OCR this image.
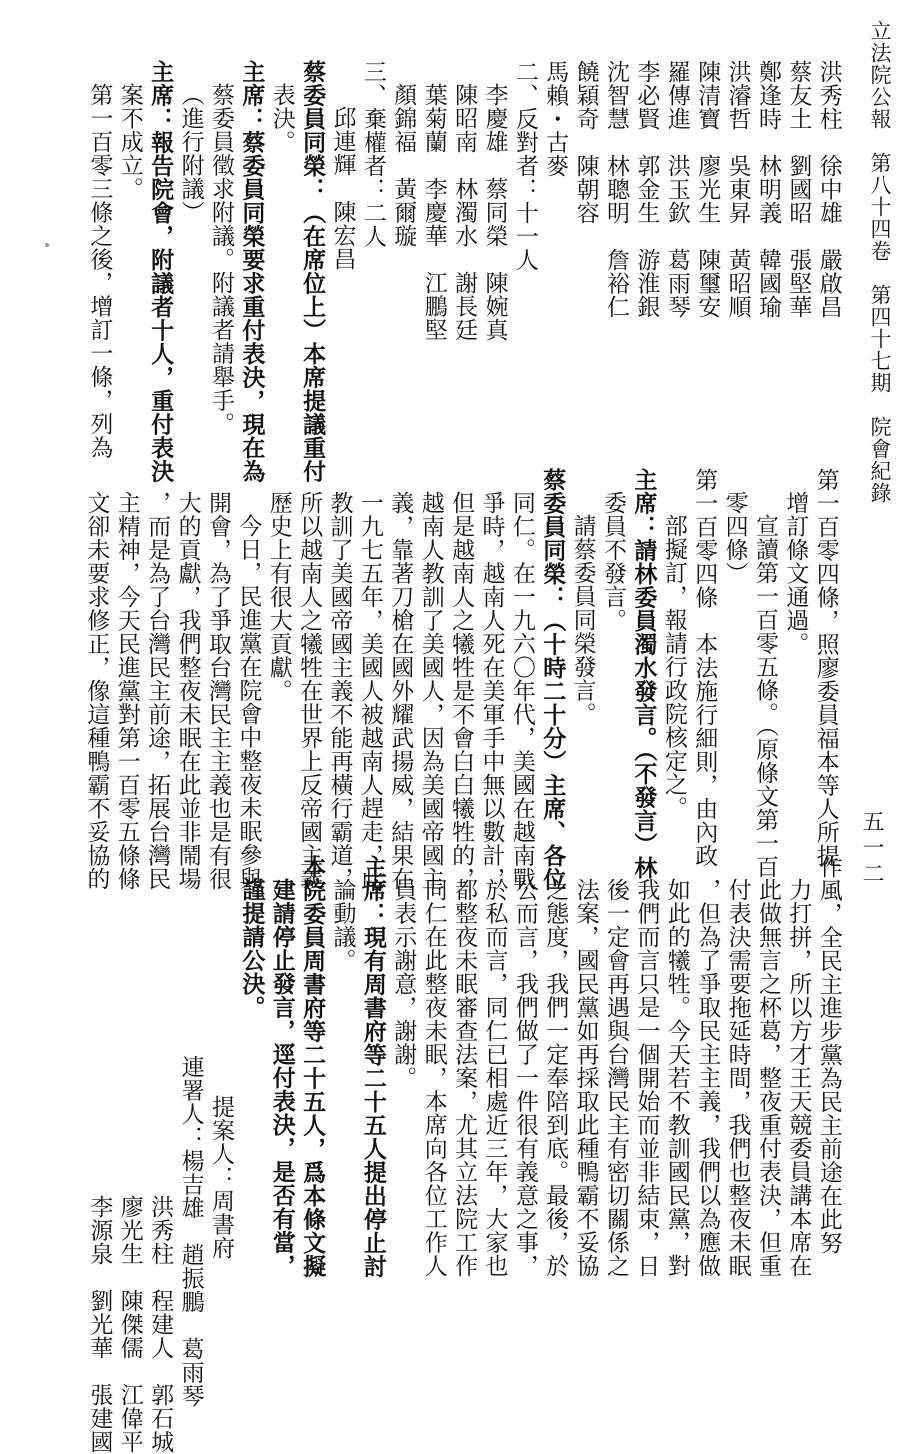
立法院公報　第八十四卷　第四十七期　院會紀錄
五一二

洪秀柱　徐中雄　嚴啟昌
蔡友土　劉國昭　張堅華
鄭逢時　林明義　韓國瑜
洪濬哲　吳東昇　黃昭順
陳清寶　廖光生　陳璽安
羅傳進　洪玉欽　葛雨琴
李必賢　郭金生　游淮銀
沈智慧　林聰明　詹裕仁
饒穎奇　陳朝容
馬賴・古麥
二、反對者：十一人
李慶雄　蔡同榮　陳婉真
陳昭南　林濁水　謝長廷
葉菊蘭　李慶華　江鵬堅
顏錦福　黃爾璇
三、棄權者：二人
邱連輝　陳宏昌
蔡委員同榮：（在席位上）本席提議重付
表決。
主席：蔡委員同榮要求重付表決，現在為
蔡委員徵求附議。附議者請舉手。
（進行附議）
主席：報告院會，附議者十人，重付表決
案不成立。
第一百零三條之後，增訂一條，列為

第一百零四條，照廖委員福本等人所提
增訂條文通過。
宣讀第一百零五條。（原條文第一百
零四條）
第一百零四條　本法施行細則，由內政
部擬訂，報請行政院核定之。
主席：請林委員濁水發言。（不發言）林
委員不發言。
請蔡委員同榮發言。
蔡委員同榮：（十時二十分）主席、各位
同仁。在一九六〇年代，美國在越南戰
爭時，越南人死在美軍手中無以數計，
但是越南人之犧牲是不會白白犧牲的，
越南人教訓了美國人，因為美國帝國主
義，靠著刀槍在國外耀武揚威，結果在
一九七五年，美國人被越南人趕走，此
教訓了美國帝國主義不能再橫行霸道，
所以越南人之犧牲在世界上反帝國主義
歷史上有很大貢獻。
今日，民進黨在院會中整夜未眠參與
開會，為了爭取台灣民主主義也是有很
大的貢獻，我們整夜未眠在此並非鬧場
，而是為了台灣民主前途，拓展台灣民
主精神，今天民進黨對第一百零五條條
文卻未要求修正，像這種鴨霸不妥協的

作風，全民主進步黨為民主前途在此努
力打拼，所以方才王天競委員講本席在
此做無言之杯葛，整夜重付表決，但重
付表決需要拖延時間，我們也整夜未眠
，但為了爭取民主主義，我們以為應做
如此的犧牲。今天若不教訓國民黨，對
我們而言只是一個開始而並非結束，日
後一定會再遇與台灣民主有密切關係之
法案，國民黨如再採取此種鴨霸不妥協
之態度，我們一定奉陪到底。最後，於
公而言，我們做了一件很有義意之事，
於私而言，同仁已相處近三年，大家也
都整夜未眠審查法案，尤其立法院工作
同仁在此整夜未眠，本席向各位工作人
員表示謝意，謝謝。
主席：現有周書府等二十五人提出停止討
論動議。
本院委員周書府等二十五人，爲本條文擬
建請停止發言，逕付表決，是否有當，
謹提請公決。
提案人：周書府
連署人：楊吉雄　趙振鵬　葛雨琴
洪秀柱　程建人　郭石城
廖光生　陳傑儒　江偉平
李源泉　劉光華　張建國
